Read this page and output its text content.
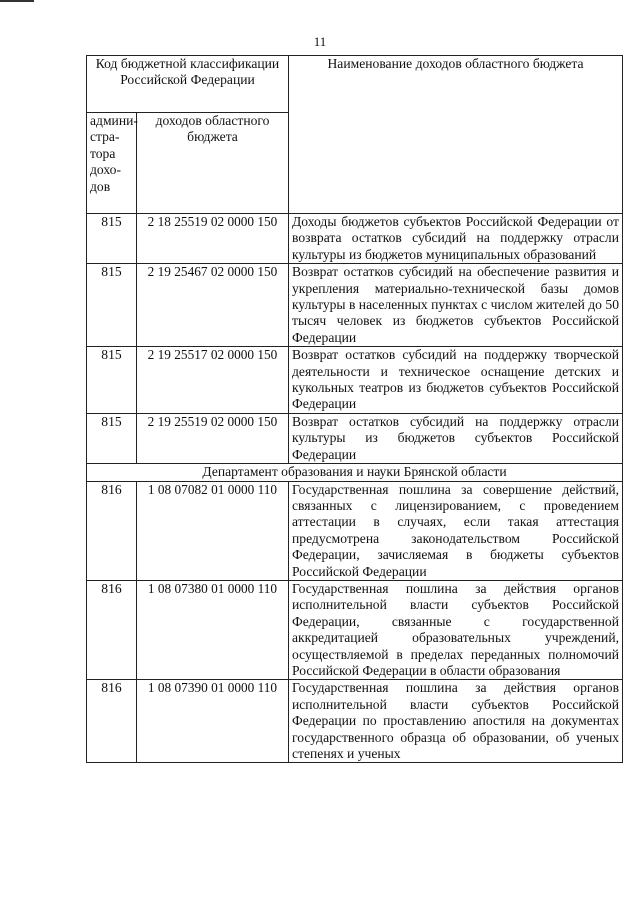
11
Код бюджетной классификации Российской Федерации		Наименование доходов областного бюджета
админи-
стра-
тора
дохо-
дов	доходов областного бюджета	
815	2 18 25519 02 0000 150	Доходы бюджетов субъектов Российской Федерации от возврата остатков субсидий на поддержку отрасли культуры из бюджетов муниципальных образований
815	2 19 25467 02 0000 150	Возврат остатков субсидий на обеспечение развития и укрепления материально-технической базы домов культуры в населенных пунктах с числом жителей до 50 тысяч человек из бюджетов субъектов Российской Федерации
815	2 19 25517 02 0000 150	Возврат остатков субсидий на поддержку творческой деятельности и техническое оснащение детских и кукольных театров из бюджетов субъектов Российской Федерации
815	2 19 25519 02 0000 150	Возврат остатков субсидий на поддержку отрасли культуры из бюджетов субъектов Российской Федерации
Департамент образования и науки Брянской области		
816	1 08 07082 01 0000 110	Государственная пошлина за совершение действий, связанных с лицензированием, с проведением аттестации в случаях, если такая аттестация предусмотрена законодательством Российской Федерации, зачисляемая в бюджеты субъектов Российской Федерации
816	1 08 07380 01 0000 110	Государственная пошлина за действия органов исполнительной власти субъектов Российской Федерации, связанные с государственной аккредитацией образовательных учреждений, осуществляемой в пределах переданных полномочий Российской Федерации в области образования
816	1 08 07390 01 0000 110	Государственная пошлина за действия органов исполнительной власти субъектов Российской Федерации по проставлению апостиля на документах государственного образца об образовании, об ученых степенях и ученых
